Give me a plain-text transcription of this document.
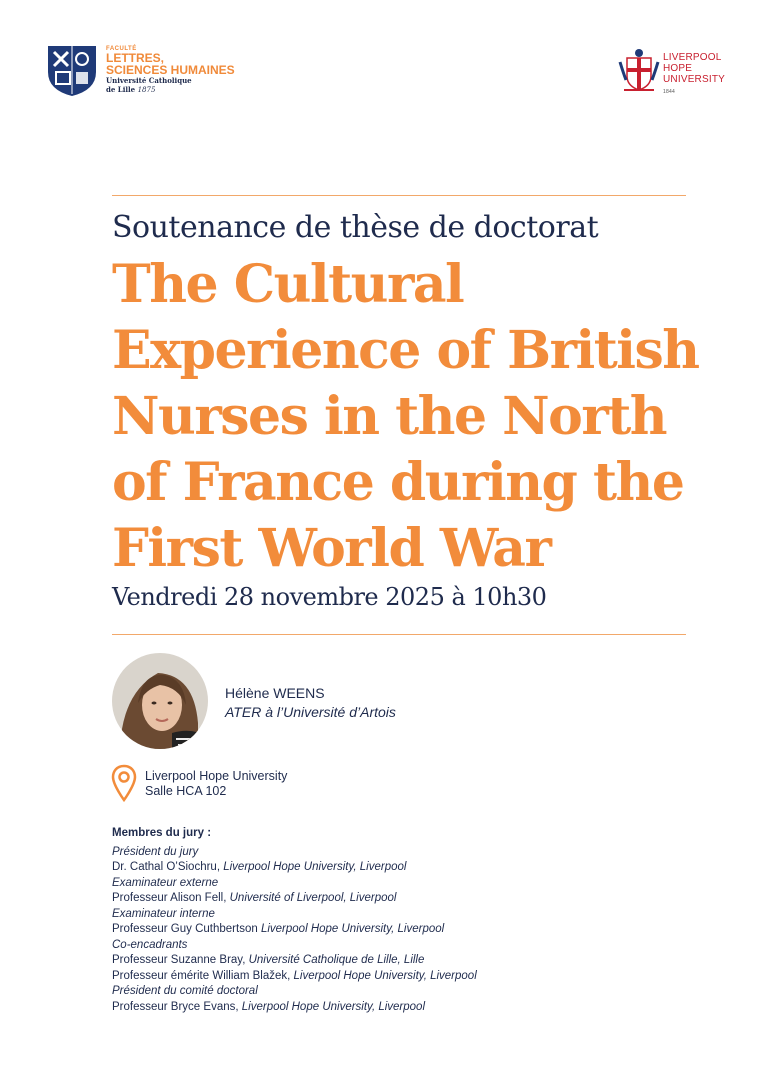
FACULTÉ
LETTRES,
SCIENCES HUMAINES
Université Catholique
de Lille 1875
LIVERPOOL
HOPE
UNIVERSITY
1844
Soutenance de thèse de doctorat
The Cultural Experience of British Nurses in the North of France during the First World War
Vendredi 28 novembre 2025 à 10h30
Hélène WEENS
ATER à l’Université d’Artois
Liverpool Hope University
Salle HCA 102
Membres du jury :
Président du jury
Dr. Cathal O’Siochru, Liverpool Hope University, Liverpool
Examinateur externe
Professeur Alison Fell, Université of Liverpool, Liverpool
Examinateur interne
Professeur Guy Cuthbertson Liverpool Hope University, Liverpool
Co-encadrants
Professeur Suzanne Bray, Université Catholique de Lille, Lille
Professeur émérite William Blažek, Liverpool Hope University, Liverpool
Président du comité doctoral
Professeur Bryce Evans, Liverpool Hope University, Liverpool
